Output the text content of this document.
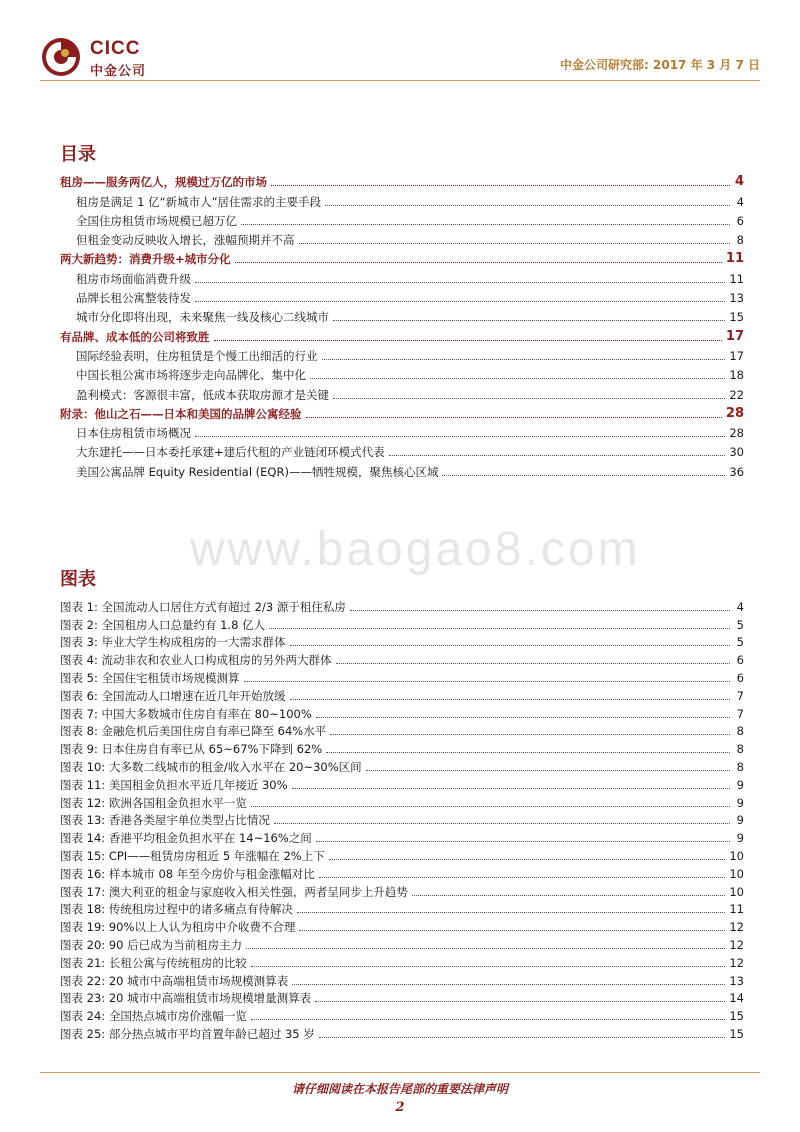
CICC
中金公司	中金公司研究部: 2017 年 3 月 7 日
目录
租房——服务两亿人，规模过万亿的市场	4
租房是满足 1 亿“新城市人”居住需求的主要手段	4
全国住房租赁市场规模已超万亿	6
但租金变动反映收入增长，涨幅预期并不高	8
两大新趋势：消费升级+城市分化	11
租房市场面临消费升级	11
品牌长租公寓整装待发	13
城市分化即将出现，未来聚焦一线及核心二线城市	15
有品牌、成本低的公司将致胜	17
国际经验表明，住房租赁是个慢工出细活的行业	17
中国长租公寓市场将逐步走向品牌化、集中化	18
盈利模式：客源很丰富，低成本获取房源才是关键	22
附录：他山之石——日本和美国的品牌公寓经验	28
日本住房租赁市场概况	28
大东建托——日本委托承建+建后代租的产业链闭环模式代表	30
美国公寓品牌 Equity Residential (EQR)——牺牲规模，聚焦核心区域	36
www.baogao8.com
图表
图表 1: 全国流动人口居住方式有超过 2/3 源于租住私房	4
图表 2: 全国租房人口总量约有 1.8 亿人	5
图表 3: 毕业大学生构成租房的一大需求群体	5
图表 4: 流动非农和农业人口构成租房的另外两大群体	6
图表 5: 全国住宅租赁市场规模测算	6
图表 6: 全国流动人口增速在近几年开始放缓	7
图表 7: 中国大多数城市住房自有率在 80~100%	7
图表 8: 金融危机后美国住房自有率已降至 64%水平	8
图表 9: 日本住房自有率已从 65~67%下降到 62%	8
图表 10: 大多数二线城市的租金/收入水平在 20~30%区间	8
图表 11: 美国租金负担水平近几年接近 30%	9
图表 12: 欧洲各国租金负担水平一览	9
图表 13: 香港各类屋宇单位类型占比情况	9
图表 14: 香港平均租金负担水平在 14~16%之间	9
图表 15: CPI——租赁房房租近 5 年涨幅在 2%上下	10
图表 16: 样本城市 08 年至今房价与租金涨幅对比	10
图表 17: 澳大利亚的租金与家庭收入相关性强，两者呈同步上升趋势	10
图表 18: 传统租房过程中的诸多痛点有待解决	11
图表 19: 90%以上人认为租房中介收费不合理	12
图表 20: 90 后已成为当前租房主力	12
图表 21: 长租公寓与传统租房的比较	12
图表 22: 20 城市中高端租赁市场规模测算表	13
图表 23: 20 城市中高端租赁市场规模增量测算表	14
图表 24: 全国热点城市房价涨幅一览	15
图表 25: 部分热点城市平均首置年龄已超过 35 岁	15
请仔细阅读在本报告尾部的重要法律声明
2
